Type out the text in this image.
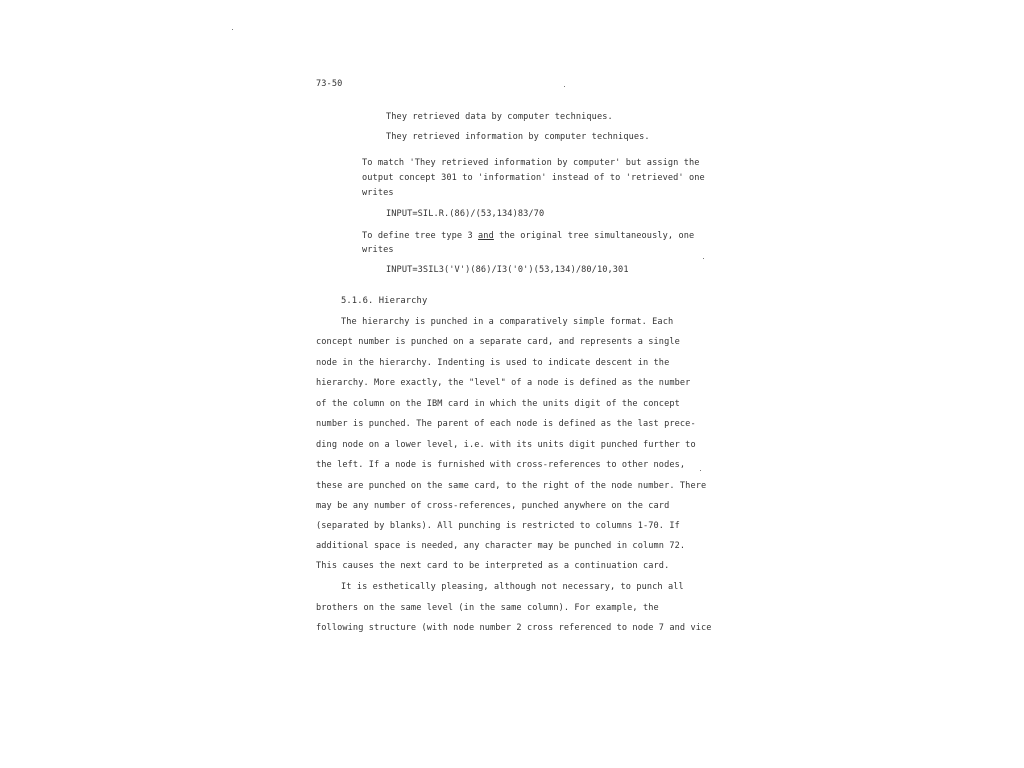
73-50
They retrieved data by computer techniques.
They retrieved information by computer techniques.
To match 'They retrieved information by computer' but assign the
output concept 301 to 'information' instead of to 'retrieved' one
writes
INPUT=SIL.R.(86)/(53,134)83/70
To define tree type 3 and the original tree simultaneously, one
writes
INPUT=3SIL3('V')(86)/I3('0')(53,134)/80/10,301
5.1.6. Hierarchy
The hierarchy is punched in a comparatively simple format. Each
concept number is punched on a separate card, and represents a single
node in the hierarchy. Indenting is used to indicate descent in the
hierarchy. More exactly, the "level" of a node is defined as the number
of the column on the IBM card in which the units digit of the concept
number is punched. The parent of each node is defined as the last prece-
ding node on a lower level, i.e. with its units digit punched further to
the left. If a node is furnished with cross-references to other nodes,
these are punched on the same card, to the right of the node number. There
may be any number of cross-references, punched anywhere on the card
(separated by blanks). All punching is restricted to columns 1-70. If
additional space is needed, any character may be punched in column 72.
This causes the next card to be interpreted as a continuation card.
It is esthetically pleasing, although not necessary, to punch all
brothers on the same level (in the same column). For example, the
following structure (with node number 2 cross referenced to node 7 and vice
